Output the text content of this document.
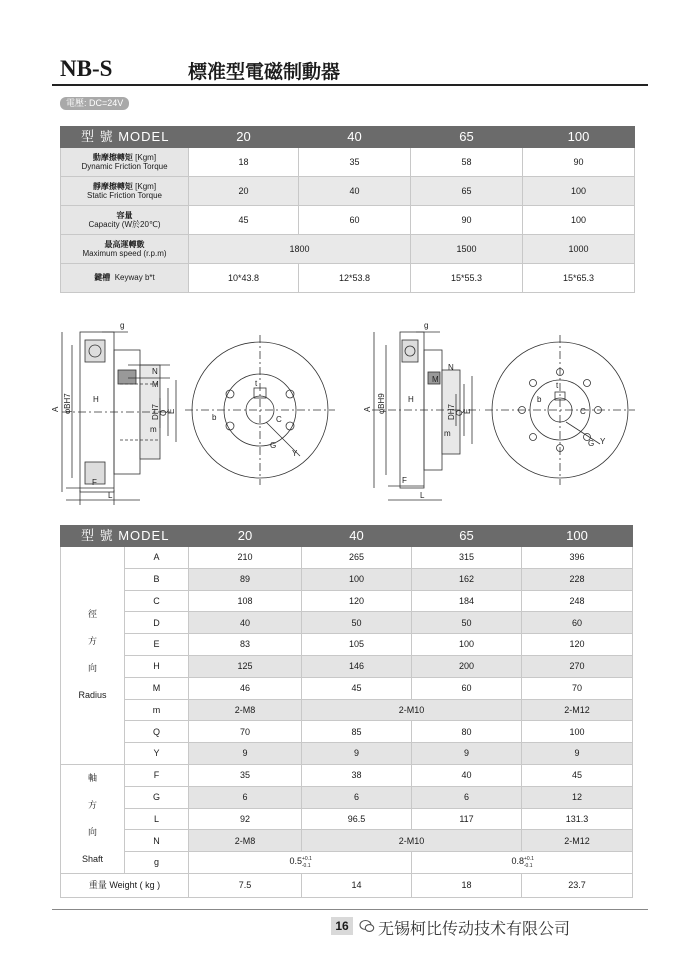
NB-S	標准型電磁制動器
電壓: DC=24V
型 號 MODEL	20	40	65	100
動摩擦轉矩 [Kgm]
Dynamic Friction Torque	18	35	58	90
靜摩擦轉矩 [Kgm]
Static Friction Torque	20	40	65	100
容量
Capacity (W於20℃)	45	60	90	100
最高運轉數
Maximum speed (r.p.m)	1800		1500	1000
鍵槽 Keyway b*t	10*43.8	12*53.8	15*55.3	15*65.3
g
N
M
H
A φBH7	DH7 Q E
m
F
L
t
b	C
G
Y
g
N
M
H
A φBH9	DH7 Q E
m
F
L
t
b
C
G Y
型 號 MODEL		20	40	65	100
徑

方

向

Radius	A	210	265	315	396
	B	89	100	162	228
	C	108	120	184	248
	D	40	50	50	60
	E	83	105	100	120
	H	125	146	200	270
	M	46	45	60	70
	m	2-M8	2-M10		2-M12
	Q	70	85	80	100
	Y	9	9	9	9
軸

方

向

Shaft	F	35	38	40	45
	G	6	6	6	12
	L	92	96.5	117	131.3
	N	2-M8	2-M10		2-M12
	g	$0.5^{+0.1}_{-0.1}$		$0.8^{+0.1}_{-0.1}$
重量 Weight ( kg )		7.5	14	18	23.7
16 无锡柯比传动技术有限公司
